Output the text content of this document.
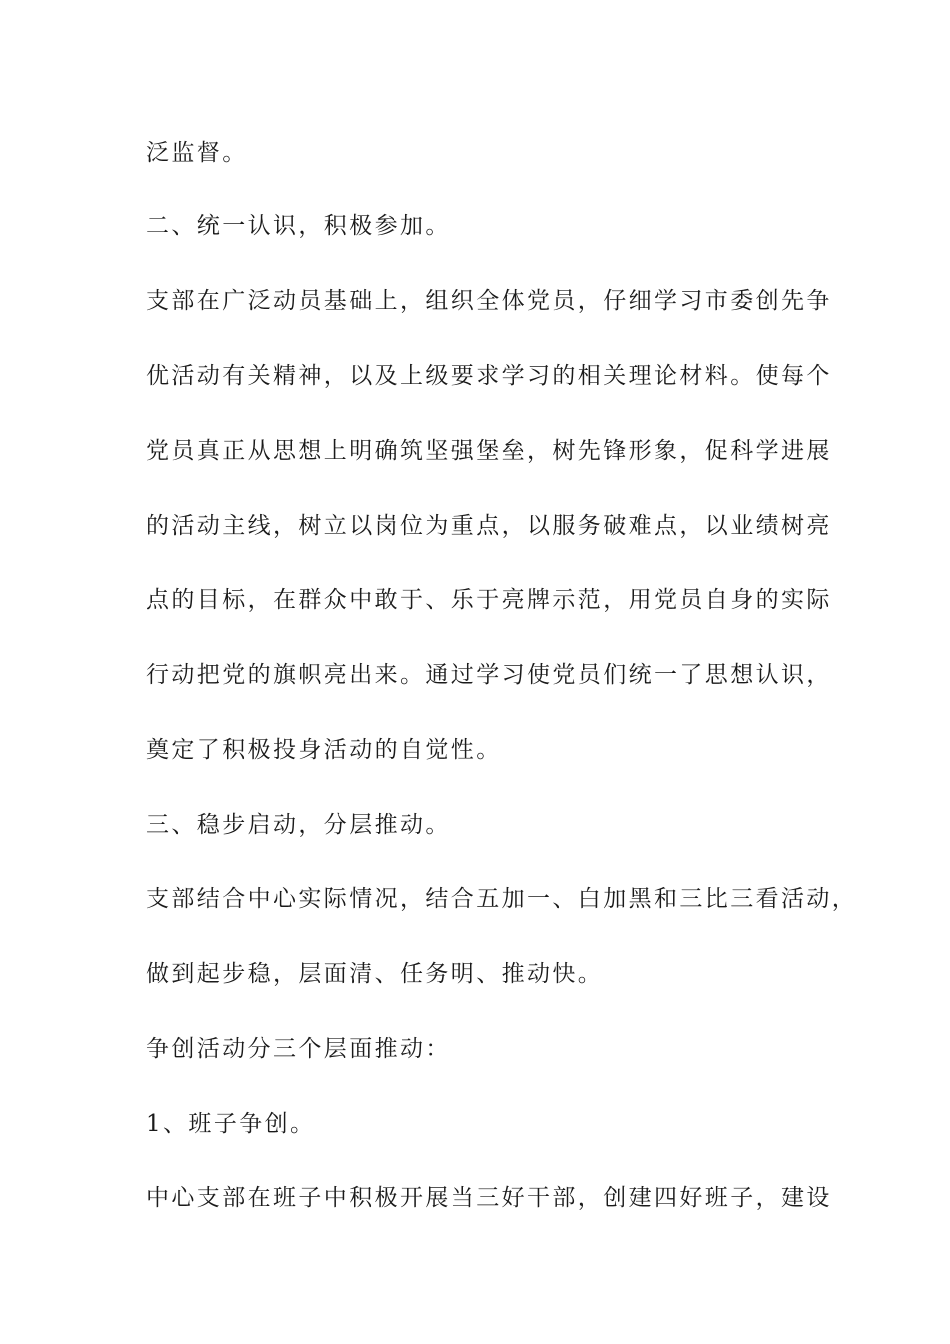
泛监督。
二、统一认识，积极参加。
支部在广泛动员基础上，组织全体党员，仔细学习市委创先争
优活动有关精神，以及上级要求学习的相关理论材料。使每个
党员真正从思想上明确筑坚强堡垒，树先锋形象，促科学进展
的活动主线，树立以岗位为重点，以服务破难点，以业绩树亮
点的目标，在群众中敢于、乐于亮牌示范，用党员自身的实际
行动把党的旗帜亮出来。通过学习使党员们统一了思想认识，
奠定了积极投身活动的自觉性。
三、稳步启动，分层推动。
支部结合中心实际情况，结合五加一、白加黑和三比三看活动，
做到起步稳，层面清、任务明、推动快。
争创活动分三个层面推动：
1、班子争创。
中心支部在班子中积极开展当三好干部，创建四好班子，建设
